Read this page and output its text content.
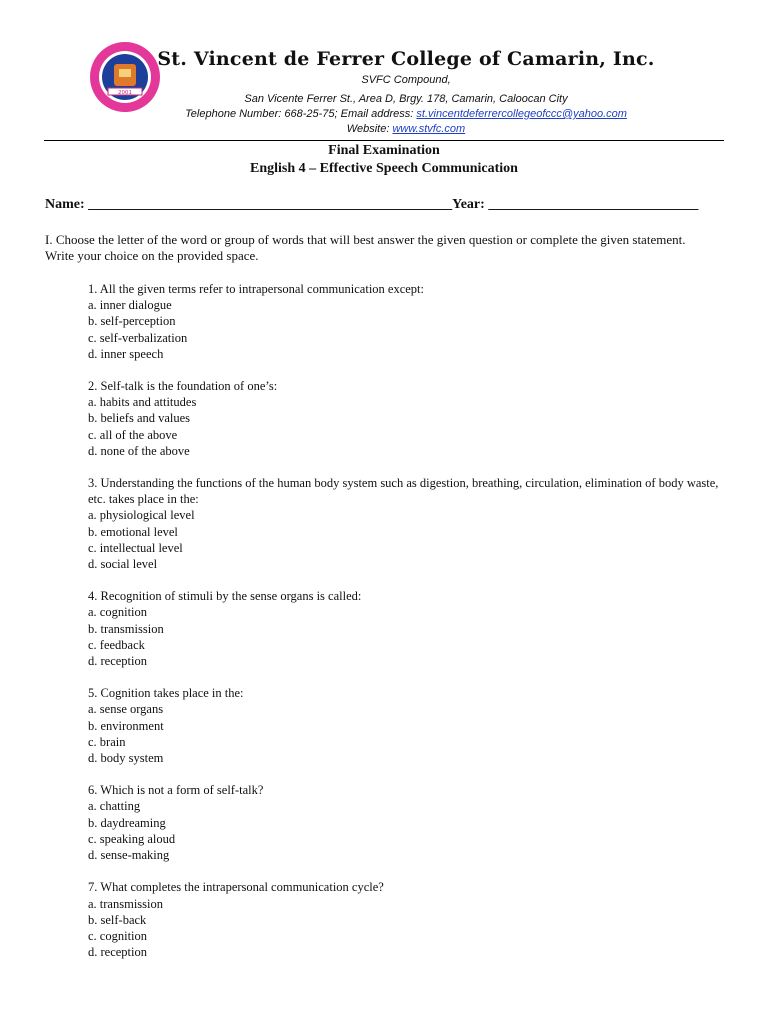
2001
St. Vincent de Ferrer College of Camarin, Inc.
SVFC Compound,
San Vicente Ferrer St., Area D, Brgy. 178, Camarin, Caloocan City
Telephone Number: 668-25-75; Email address: st.vincentdeferrercollegeofccc@yahoo.com
Website: www.stvfc.com
Final Examination
English 4 – Effective Speech Communication
Name: ____________________________________________________Year: ______________________________
I. Choose the letter of the word or group of words that will best answer the given question or complete the given statement. Write your choice on the provided space.
1. All the given terms refer to intrapersonal communication except:
a. inner dialogue
b. self-perception
c. self-verbalization
d. inner speech
2. Self-talk is the foundation of one’s:
a. habits and attitudes
b. beliefs and values
c. all of the above
d. none of the above
3. Understanding the functions of the human body system such as digestion, breathing, circulation, elimination of body waste, etc. takes place in the:
a. physiological level
b. emotional level
c. intellectual level
d. social level
4. Recognition of stimuli by the sense organs is called:
a. cognition
b. transmission
c. feedback
d. reception
5. Cognition takes place in the:
a. sense organs
b. environment
c. brain
d. body system
6. Which is not a form of self-talk?
a. chatting
b. daydreaming
c. speaking aloud
d. sense-making
7. What completes the intrapersonal communication cycle?
a. transmission
b. self-back
c. cognition
d. reception
